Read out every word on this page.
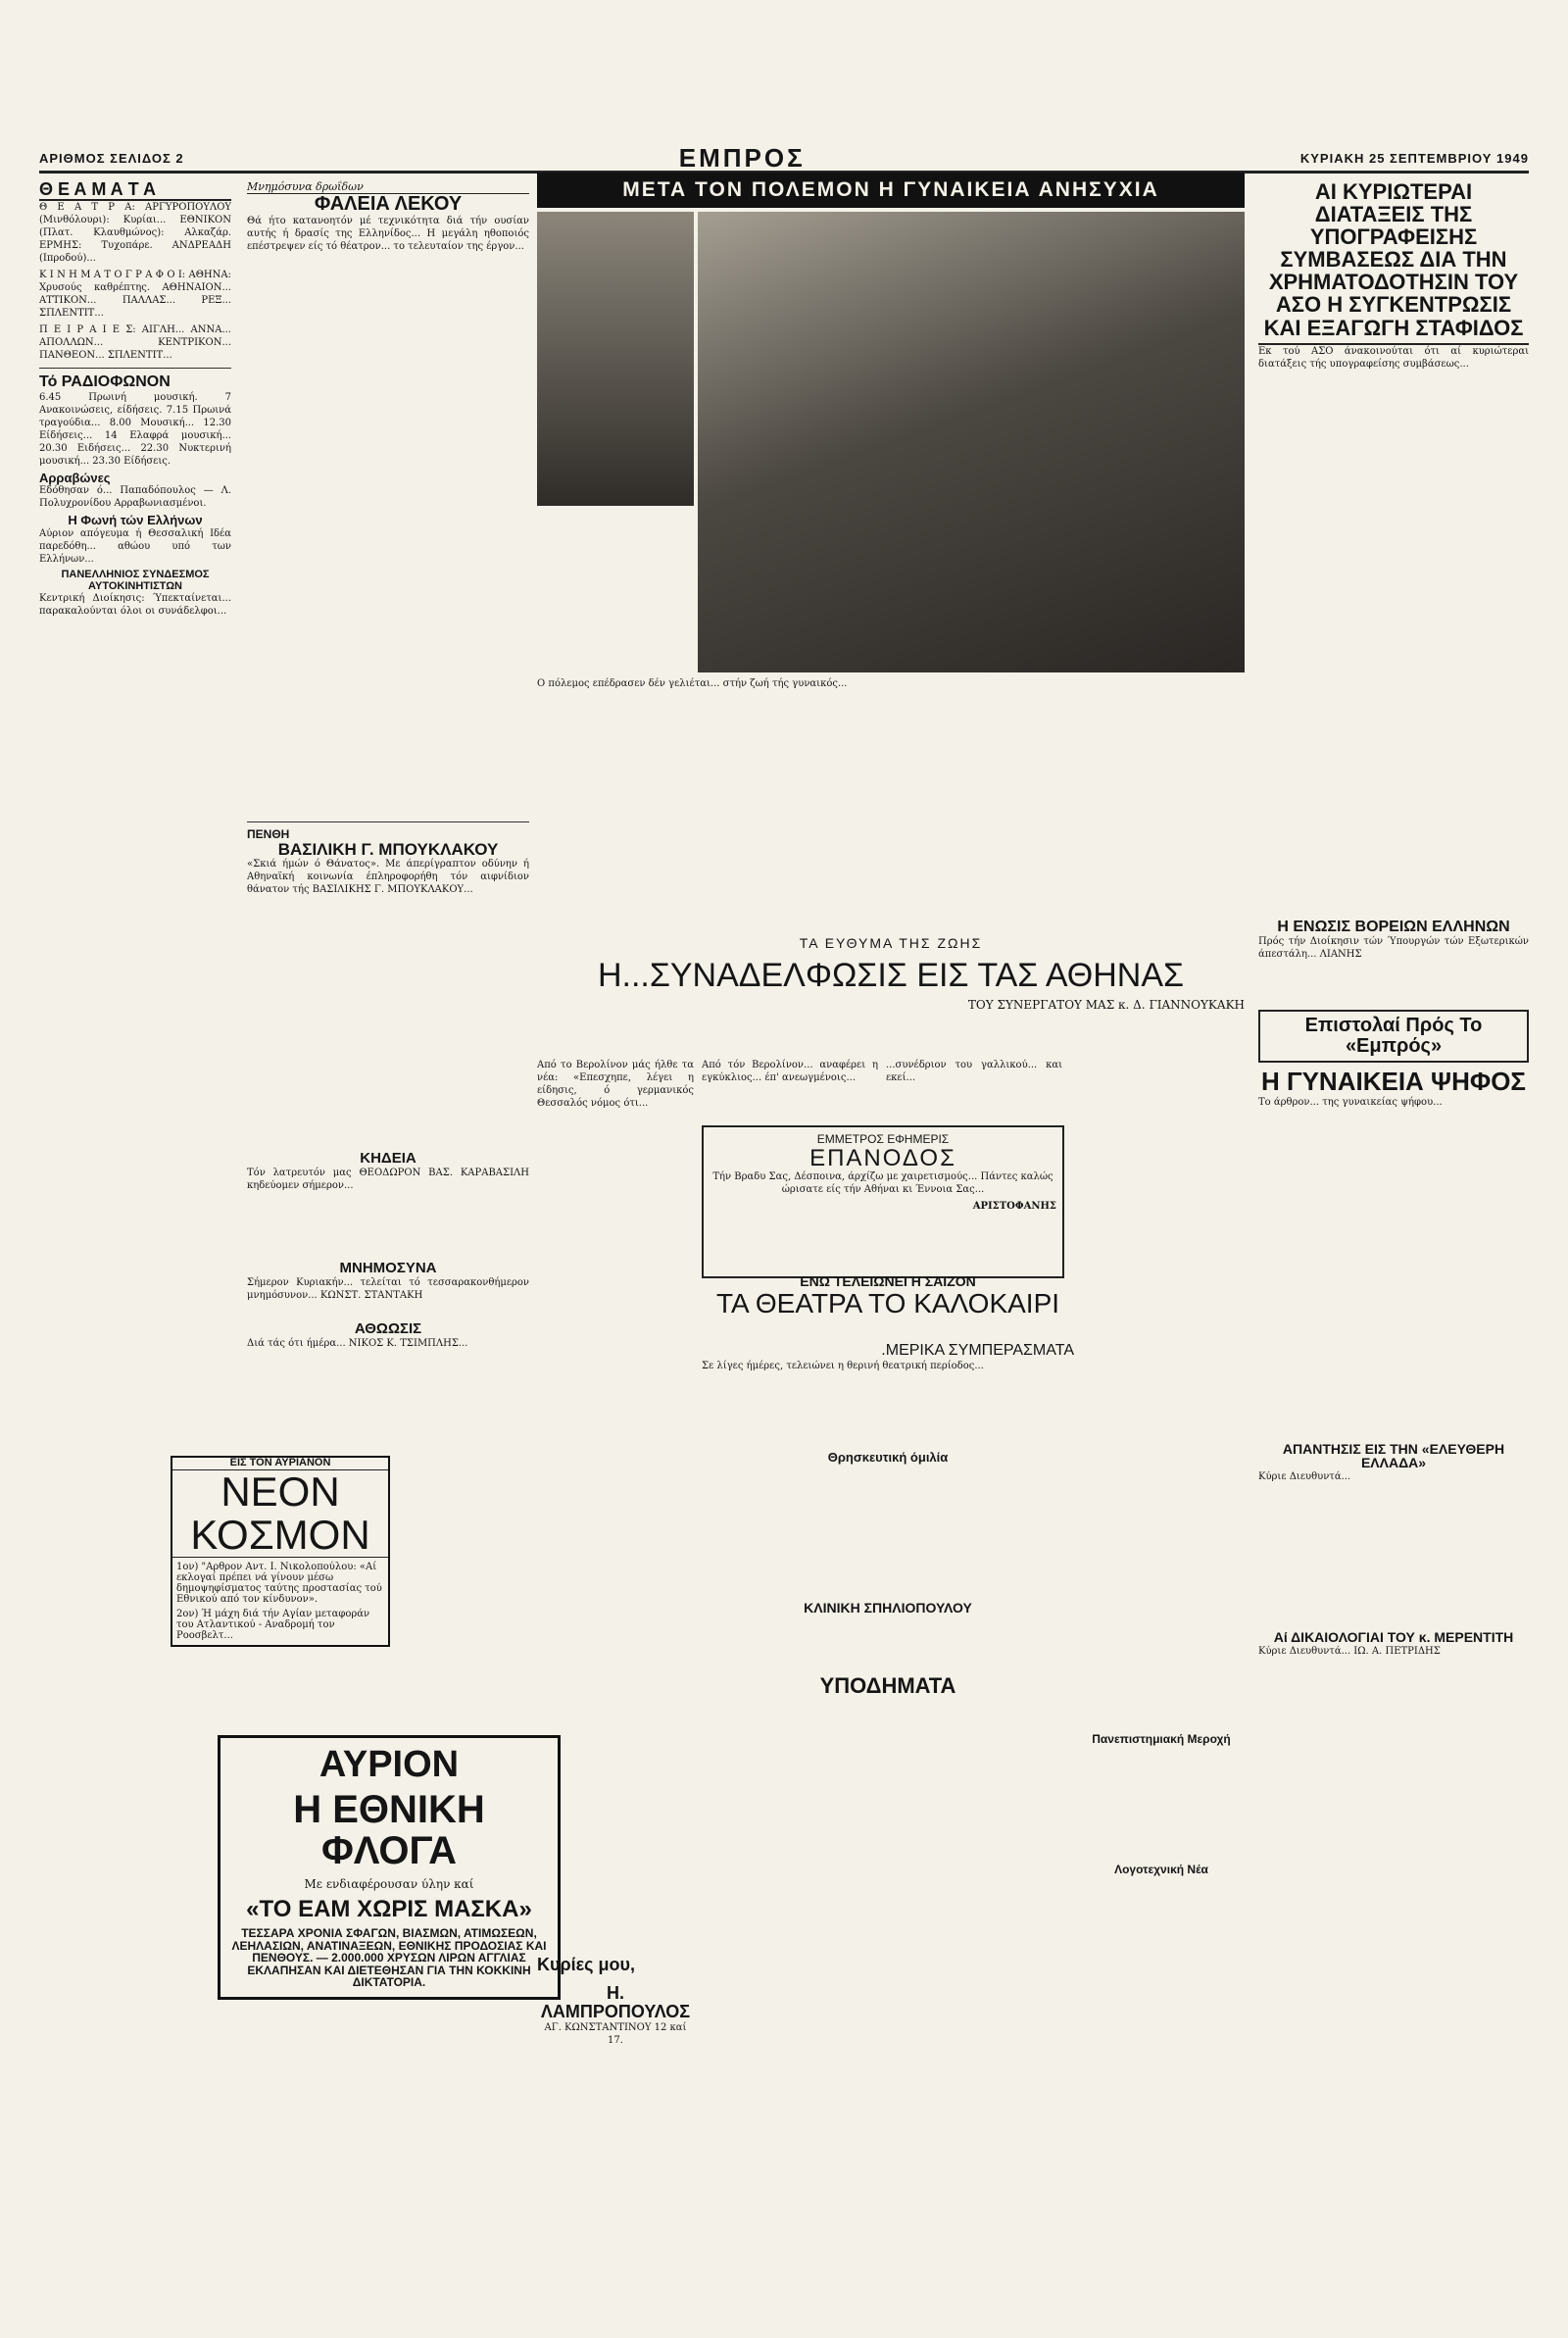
ΑΡΙΘΜΟΣ ΣΕΛΙΔΟΣ 2	ΕΜΠΡΟΣ	ΚΥΡΙΑΚΗ 25 ΣΕΠΤΕΜΒΡΙΟΥ 1949
Θ Ε Α Μ Α Τ Α

Θ Ε Α Τ Ρ Α: ΑΡΓΥΡΟΠΟΥΛΟΥ (Μινθόλουρι): Κυρίαι... ΕΘΝΙΚΟΝ (Πλατ. Κλαυθμώνος): Αλκαζάρ. ΕΡΜΗΣ: Τυχοπάρε. ΑΝΔΡΕΑΔΗ (Ιπροδού)...

Κ Ι Ν Η Μ Α Τ Ο Γ Ρ Α Φ Ο Ι: ΑΘΗΝΑ: Χρυσούς καθρέπτης. ΑΘΗΝΑΙΟΝ... ΑΤΤΙΚΟΝ... ΠΑΛΛΑΣ... ΡΕΞ... ΣΠΛΕΝΤΙΤ...

Π Ε Ι Ρ Α Ι Ε Σ: ΑΙΓΛΗ... ΑΝΝΑ... ΑΠΟΛΛΩΝ... ΚΕΝΤΡΙΚΟΝ... ΠΑΝΘΕΟΝ... ΣΠΛΕΝΤΙΤ...

Τό ΡΑΔΙΟΦΩΝΟΝ

6.45 Πρωινή μουσική. 7 Ανακοινώσεις, είδήσεις. 7.15 Πρωινά τραγούδια... 8.00 Μουσική... 12.30 Είδήσεις... 14 Ελαφρά μουσική... 20.30 Ειδήσεις... 22.30 Νυκτερινή μουσική... 23.30 Είδήσεις.

Αρραβώνες

Εδόθησαν ό... Παπαδόπουλος — Λ. Πολυχρονίδου Αρραβωνιασμένοι.

Η Φωνή τών Ελλήνων

Αύριον απόγευμα ή Θεσσαλική Ιδέα παρεδόθη... αθώου υπό των Ελλήνων...

ΠΑΝΕΛΛΗΝΙΟΣ ΣΥΝΔΕΣΜΟΣ ΑΥΤΟΚΙΝΗΤΙΣΤΩΝ

Κεντρική Διοίκησις: Ύπεκταίνεται... παρακαλούνται όλοι οι συνάδελφοι...

ΕΙΣ ΤΟΝ ΑΥΡΙΑΝΟΝ
ΝΕΟΝ
ΚΟΣΜΟΝ

1ον) "Αρθρον Αντ. Ι. Νικολοπούλου: «Αί εκλογαί πρέπει νά γίνουν μέσω δημοψηφίσματος ταύτης προστασίας τού Εθνικού από τον κίνδυνον».

2ον) Ή μάχη διά τήν Αγίαν μεταφοράν του Ατλαντικού - Αναδρομή τον Ροοσβελτ...

ΑΥΡΙΟΝ
Η ΕΘΝΙΚΗ ΦΛΟΓΑ
Με ενδιαφέρουσαν ύλην καί
«ΤΟ ΕΑΜ ΧΩΡΙΣ ΜΑΣΚΑ»
ΤΕΣΣΑΡΑ ΧΡΟΝΙΑ ΣΦΑΓΩΝ, ΒΙΑΣΜΩΝ, ΑΤΙΜΩΣΕΩΝ, ΛΕΗΛΑΣΙΩΝ, ΑΝΑΤΙΝΑΞΕΩΝ, ΕΘΝΙΚΗΣ ΠΡΟΔΟΣΙΑΣ ΚΑΙ ΠΕΝΘΟΥΣ. — 2.000.000 ΧΡΥΣΩΝ ΛΙΡΩΝ ΑΓΓΛΙΑΣ ΕΚΛΑΠΗΣΑΝ ΚΑΙ ΔΙΕΤΕΘΗΣΑΝ ΓΙΑ ΤΗΝ ΚΟΚΚΙΝΗ ΔΙΚΤΑΤΟΡΙΑ.
Μνημόσυνα δρωΐδων
ΦΑΛΕΙΑ ΛΕΚΟΥ

Θά ήτο κατανοητόν μέ τεχνικότητα διά τήν ουσίαν αυτής ή δρασίς της Ελληνίδος... Η μεγάλη ηθοποιός επέστρεψεν είς τό θέατρον... το τελευταίον της έργον...

ΠΕΝΘΗ
ΒΑΣΙΛΙΚΗ Γ. ΜΠΟΥΚΛΑΚΟΥ

«Σκιά ήμών ό Θάνατος». Με άπερίγραπτον οδύνην ή Αθηναϊκή κοινωνία έπληροφορήθη τόν αιφνίδιον θάνατον τής ΒΑΣΙΛΙΚΗΣ Γ. ΜΠΟΥΚΛΑΚΟΥ...

ΚΗΔΕΙΑ

Τόν λατρευτόν μας ΘΕΟΔΩΡΟΝ ΒΑΣ. ΚΑΡΑΒΑΣΙΛΗ κηδεύομεν σήμερον...

ΜΝΗΜΟΣΥΝΑ

Σήμερον Κυριακήν... τελείται τό τεσσαρακονθήμερον μνημόσυνον... ΚΩΝΣΤ. ΣΤΑΝΤΑΚΗ

ΑΘΩΩΣΙΣ

Διά τάς ότι ήμέρα... ΝΙΚΟΣ Κ. ΤΣΙΜΠΛΗΣ...

ΜΕΤΑ ΤΟΝ ΠΟΛΕΜΟΝ Η ΓΥΝΑΙΚΕΙΑ ΑΝΗΣΥΧΙΑ

Ο πόλεμος επέδρασεν δέν γελιέται... στήν ζωή τής γυναικός...

ΤΑ ΕΥΘΥΜΑ ΤΗΣ ΖΩΗΣ
Η...ΣΥΝΑΔΕΛΦΩΣΙΣ ΕΙΣ ΤΑΣ ΑΘΗΝΑΣ
ΤΟΥ ΣΥΝΕΡΓΑΤΟΥ ΜΑΣ κ. Δ. ΓΙΑΝΝΟΥΚΑΚΗ

Από το Βερολίνον μάς ήλθε τα νέα: «Επεσχηπε, λέγει η είδησις, ό γερμανικός Θεσσαλός νόμος ότι...

Από τόν Βερολίνον... αναφέρει η εγκύκλιος... έπ' ανεωγμένοις...

...συνέδριον του γαλλικού... και εκεί...

ΕΜΜΕΤΡΟΣ ΕΦΗΜΕΡΙΣ
ΕΠΑΝΟΔΟΣ

Τήν Βραδυ Σας, Δέσποινα, άρχίζω με χαιρετισμούς... Πάντες καλώς ώρισατε είς τήν Αθήναι κι Έννοια Σας...

ΑΡΙΣΤΟΦΑΝΗΣ
ΕΝΩ ΤΕΛΕΙΩΝΕΙ Η ΣΑΙΖΟΝ
ΤΑ ΘΕΑΤΡΑ ΤΟ ΚΑΛΟΚΑΙΡΙ
.ΜΕΡΙΚΑ ΣΥΜΠΕΡΑΣΜΑΤΑ

Σε λίγες ήμέρες, τελειώνει η θερινή θεατρική περίοδος...

Θρησκευτική όμιλία
ΚΛΙΝΙΚΗ ΣΠΗΛΙΟΠΟΥΛΟΥ
ΥΠΟΔΗΜΑΤΑ
Κυρίες μου,
Η. ΛΑΜΠΡΟΠΟΥΛΟΣ
ΑΓ. ΚΩΝΣΤΑΝΤΙΝΟΥ 12 καί 17.
Πανεπιστημιακή Μεροχή
Λογοτεχνική Νέα
ΑΙ ΚΥΡΙΩΤΕΡΑΙ ΔΙΑΤΑΞΕΙΣ ΤΗΣ ΥΠΟΓΡΑΦΕΙΣΗΣ ΣΥΜΒΑΣΕΩΣ ΔΙΑ ΤΗΝ ΧΡΗΜΑΤΟΔΟΤΗΣΙΝ ΤΟΥ ΑΣΟ Η ΣΥΓΚΕΝΤΡΩΣΙΣ ΚΑΙ ΕΞΑΓΩΓΗ ΣΤΑΦΙΔΟΣ

Εκ τού ΑΣΟ άνακοινούται ότι αί κυριώτεραι διατάξεις τής υπογραφείσης συμβάσεως...

Η ΕΝΩΣΙΣ ΒΟΡΕΙΩΝ ΕΛΛΗΝΩΝ

Πρός τήν Διοίκησιν τών Ύπουργών τών Εξωτερικών άπεστάλη... ΛΙΑΝΗΣ

Επιστολαί Πρός Το «Εμπρός»
Η ΓΥΝΑΙΚΕΙΑ ΨΗΦΟΣ

Το άρθρον... της γυναικείας ψήφου...

ΑΠΑΝΤΗΣΙΣ ΕΙΣ ΤΗΝ «ΕΛΕΥΘΕΡΗ ΕΛΛΑΔΑ»

Κύριε Διευθυντά...

Αί ΔΙΚΑΙΟΛΟΓΙΑΙ ΤΟΥ κ. ΜΕΡΕΝΤΙΤΗ

Κύριε Διευθυντά... ΙΩ. Α. ΠΕΤΡΙΔΗΣ
